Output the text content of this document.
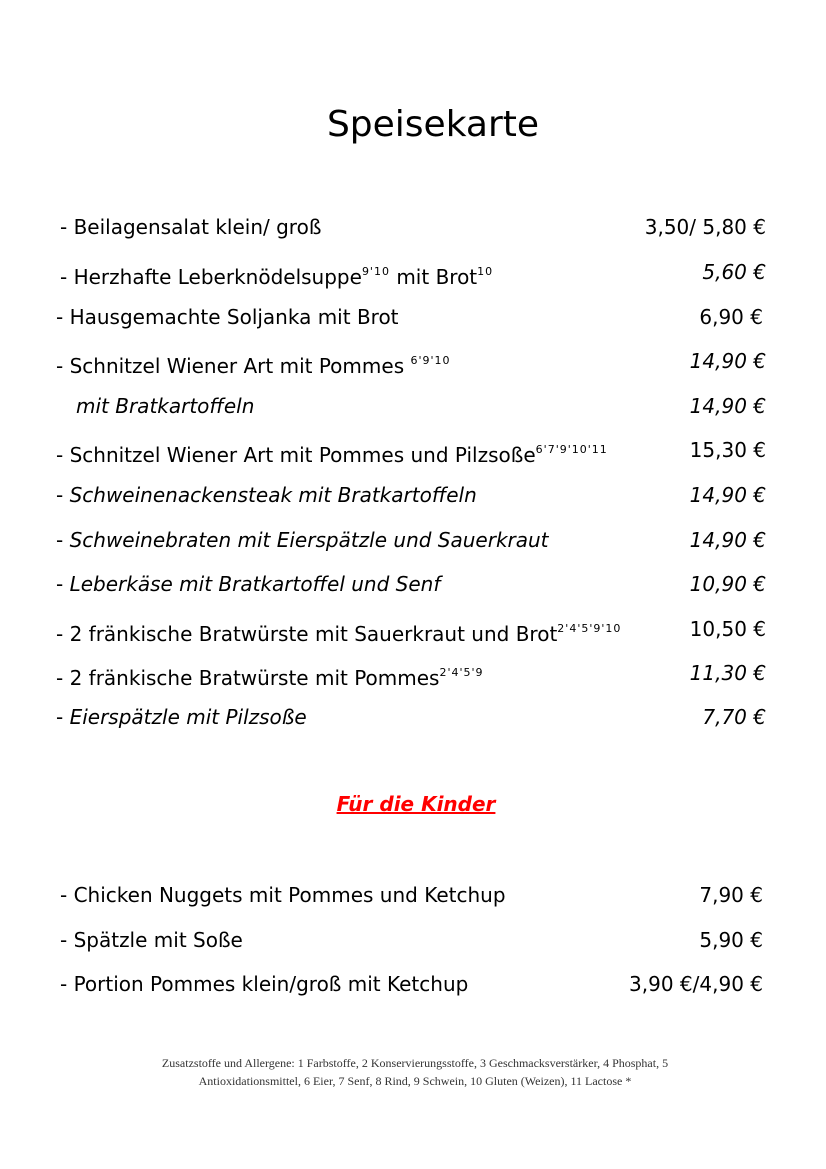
Speisekarte
- Beilagensalat klein/ groß	3,50/ 5,80 €
- Herzhafte Leberknödelsuppe$^{9'10}$ mit Brot$^{10}$	5,60 €
- Hausgemachte Soljanka mit Brot	6,90 €
- Schnitzel Wiener Art mit Pommes $^{6'9'10}$	14,90 €
mit Bratkartoffeln	14,90 €
- Schnitzel Wiener Art mit Pommes und Pilzsoße$^{6'7'9'10'11}$	15,30 €
- Schweinenackensteak mit Bratkartoffeln	14,90 €
- Schweinebraten mit Eierspätzle und Sauerkraut	14,90 €
- Leberkäse mit Bratkartoffel und Senf	10,90 €
- 2 fränkische Bratwürste mit Sauerkraut und Brot$^{2'4'5'9'10}$	10,50 €
- 2 fränkische Bratwürste mit Pommes$^{2'4'5'9}$	11,30 €
- Eierspätzle mit Pilzsoße	7,70 €
Für die Kinder
- Chicken Nuggets mit Pommes und Ketchup	7,90 €
- Spätzle mit Soße	5,90 €
- Portion Pommes klein/groß mit Ketchup	3,90 €/4,90 €
Zusatzstoffe und Allergene: 1 Farbstoffe, 2 Konservierungsstoffe, 3 Geschmacksverstärker, 4 Phosphat, 5
Antioxidationsmittel, 6 Eier, 7 Senf, 8 Rind, 9 Schwein, 10 Gluten (Weizen), 11 Lactose *
